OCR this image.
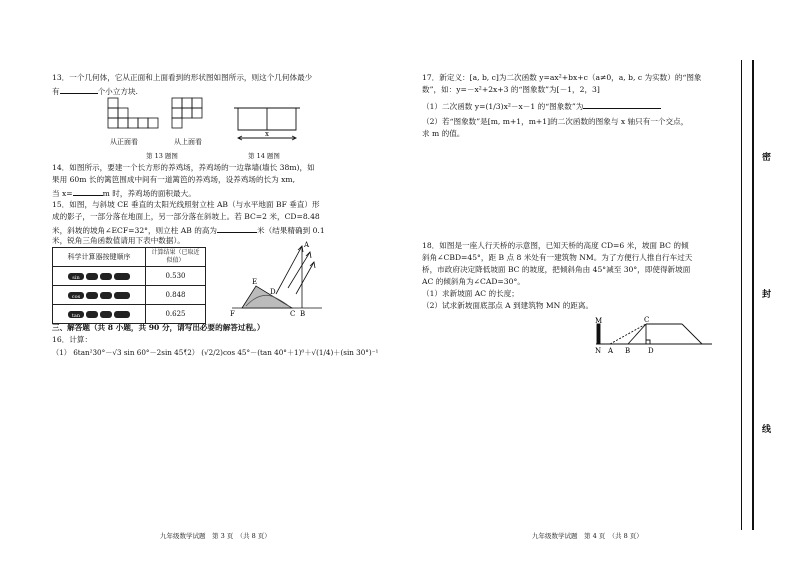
13．一个几何体，它从正面和上面看到的形状图如图所示，则这个几何体最少

有	个小立方块.

从正面看	从上面看

第 13 题图

x

第 14 题图

14．如图所示，要建一个长方形的养鸡场，养鸡场的一边靠墙(墙长 38m)，如

果用 60m 长的篱笆围成中间有一道篱笆的养鸡场，设养鸡场的长为 xm,

当 x=	m 时，养鸡场的面积最大。

15．如图，与斜坡 CE 垂直的太阳光线照射立柱 AB（与水平地面 BF 垂直）形

成的影子，一部分落在地面上，另一部分落在斜坡上。若 BC=2 米，CD=8.48

米，斜坡的坡角∠ECF=32°，则立柱 AB 的高为	米（结果精确到 0.1

米，锐角三角函数值请用下表中数据）。

科学计算器按键顺序	计算结果（已取近似值）
sin	0.530
cos	0.848
tan	0.625
A
E
D
F	C B

三、解答题（共 8 小题，共 90 分，请写出必要的解答过程。）

16．计算：

（1） 6tan²30°－√3 sin 60°－2sin 45°

（2） (√2/2)cos 45°－(tan 40°＋1)⁰＋√(1/4)＋(sin 30°)⁻¹

九年级数学试题　第 3 页　（共 8 页）

17．新定义：[a, b, c]为二次函数 y=ax²+bx+c（a≠0，a, b, c 为实数）的“图象

数”，如：y=－x²+2x+3 的“图象数”为[－1，2，3]

（1）二次函数 y=(1/3)x²－x－1 的“图象数”为

（2）若“图象数”是[m, m+1，m+1]的二次函数的图象与 x 轴只有一个交点，

求 m 的值。

18．如图是一座人行天桥的示意图，已知天桥的高度 CD=6 米，坡面 BC 的倾

斜角∠CBD=45°，距 B 点 8 米处有一建筑物 NM。为了方便行人推自行车过天

桥，市政府决定降低坡面 BC 的坡度，把倾斜角由 45°减至 30°，即使得新坡面

AC 的倾斜角为∠CAD=30°。

（1）求新坡面 AC 的长度；

（2）试求新坡面底部点 A 到建筑物 MN 的距离。

M
N A B
C
D

九年级数学试题　第 4 页　（共 8 页）

密
封
线
